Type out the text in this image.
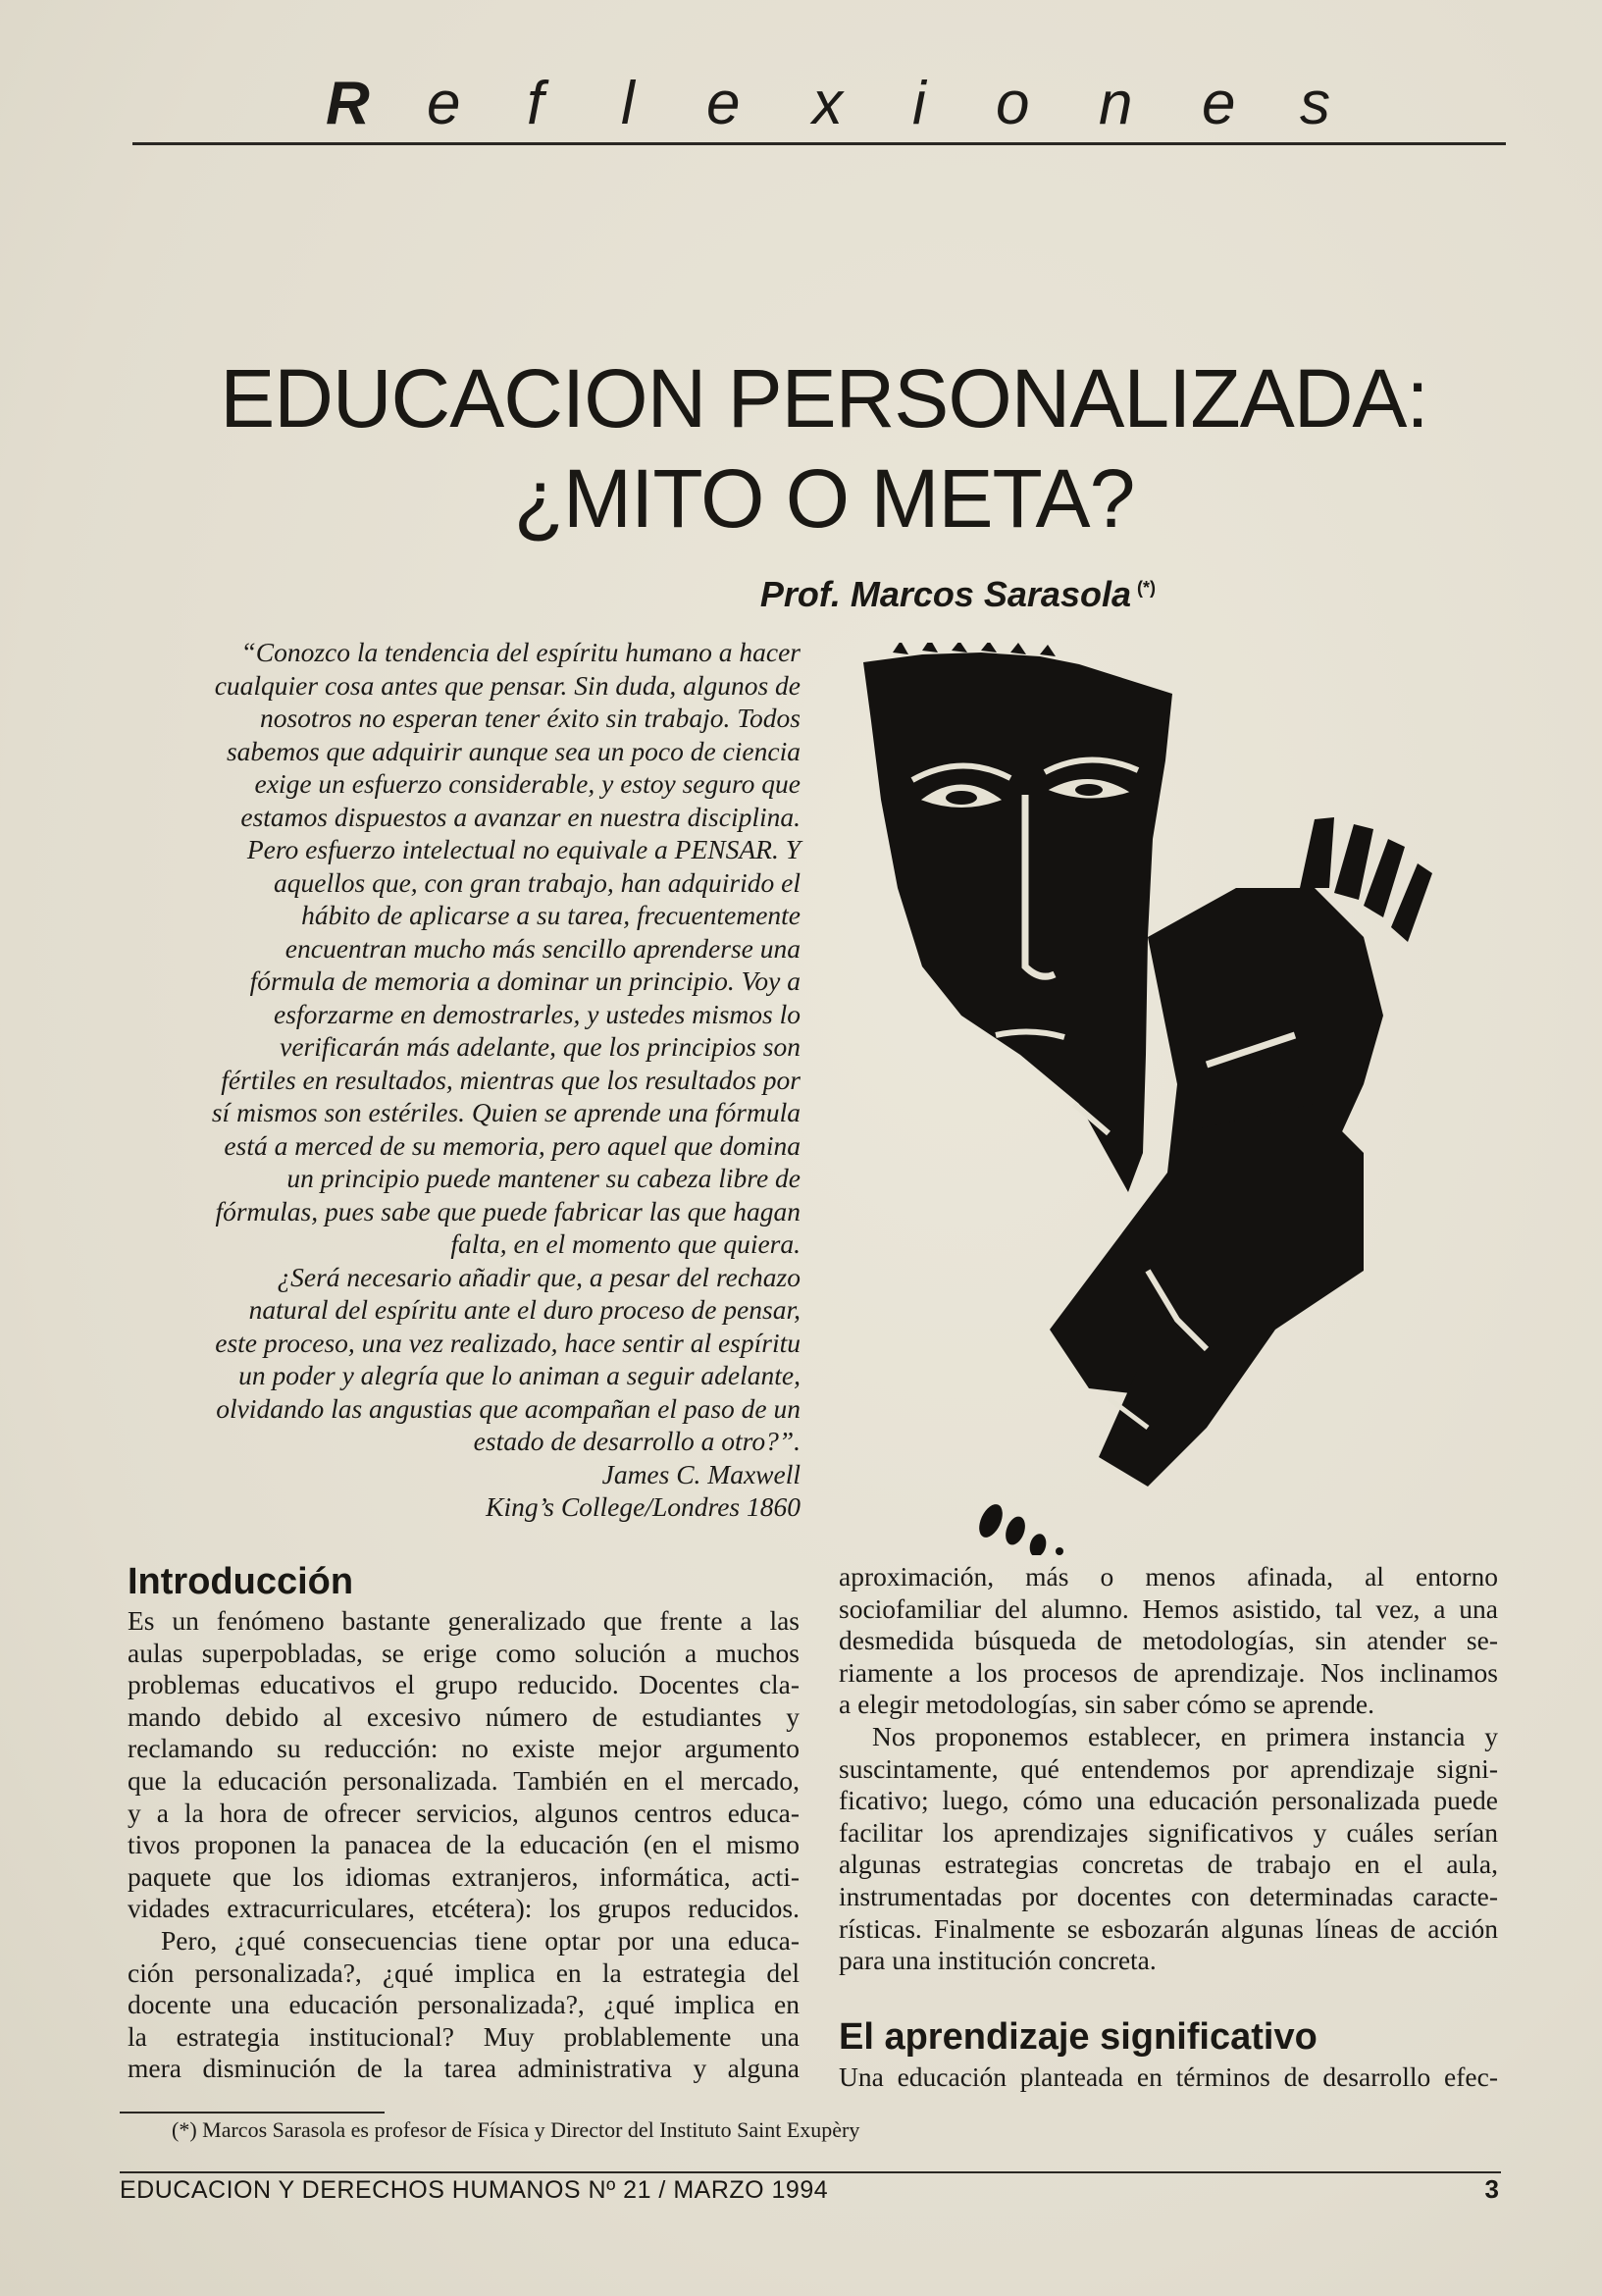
R e f l e x i o n e s
EDUCACION PERSONALIZADA:
¿MITO O META?
Prof. Marcos Sarasola (*)
“Conozco la tendencia del espíritu humano a hacer
cualquier cosa antes que pensar. Sin duda, algunos de
nosotros no esperan tener éxito sin trabajo. Todos
sabemos que adquirir aunque sea un poco de ciencia
exige un esfuerzo considerable, y estoy seguro que
estamos dispuestos a avanzar en nuestra disciplina.
Pero esfuerzo intelectual no equivale a PENSAR. Y
aquellos que, con gran trabajo, han adquirido el
hábito de aplicarse a su tarea, frecuentemente
encuentran mucho más sencillo aprenderse una
fórmula de memoria a dominar un principio. Voy a
esforzarme en demostrarles, y ustedes mismos lo
verificarán más adelante, que los principios son
fértiles en resultados, mientras que los resultados por
sí mismos son estériles. Quien se aprende una fórmula
está a merced de su memoria, pero aquel que domina
un principio puede mantener su cabeza libre de
fórmulas, pues sabe que puede fabricar las que hagan
falta, en el momento que quiera.
¿Será necesario añadir que, a pesar del rechazo
natural del espíritu ante el duro proceso de pensar,
este proceso, una vez realizado, hace sentir al espíritu
un poder y alegría que lo animan a seguir adelante,
olvidando las angustias que acompañan el paso de un
estado de desarrollo a otro?”.
James C. Maxwell
King’s College/Londres 1860
Introducción
Es un fenómeno bastante generalizado que frente a las
aulas superpobladas, se erige como solución a muchos
problemas educativos el grupo reducido. Docentes cla-
mando debido al excesivo número de estudiantes y
reclamando su reducción: no existe mejor argumento
que la educación personalizada. También en el mercado,
y a la hora de ofrecer servicios, algunos centros educa-
tivos proponen la panacea de la educación (en el mismo
paquete que los idiomas extranjeros, informática, acti-
vidades extracurriculares, etcétera): los grupos reducidos.
Pero, ¿qué consecuencias tiene optar por una educa-
ción personalizada?, ¿qué implica en la estrategia del
docente una educación personalizada?, ¿qué implica en
la estrategia institucional? Muy problablemente una
mera disminución de la tarea administrativa y alguna
aproximación, más o menos afinada, al entorno
sociofamiliar del alumno. Hemos asistido, tal vez, a una
desmedida búsqueda de metodologías, sin atender se-
riamente a los procesos de aprendizaje. Nos inclinamos
a elegir metodologías, sin saber cómo se aprende.
Nos proponemos establecer, en primera instancia y
suscintamente, qué entendemos por aprendizaje signi-
ficativo; luego, cómo una educación personalizada puede
facilitar los aprendizajes significativos y cuáles serían
algunas estrategias concretas de trabajo en el aula,
instrumentadas por docentes con determinadas caracte-
rísticas. Finalmente se esbozarán algunas líneas de acción
para una institución concreta.
El aprendizaje significativo
Una educación planteada en términos de desarrollo efec-
(*) Marcos Sarasola es profesor de Física y Director del Instituto Saint Exupèry
EDUCACION Y DERECHOS HUMANOS Nº 21 / MARZO 1994	3
